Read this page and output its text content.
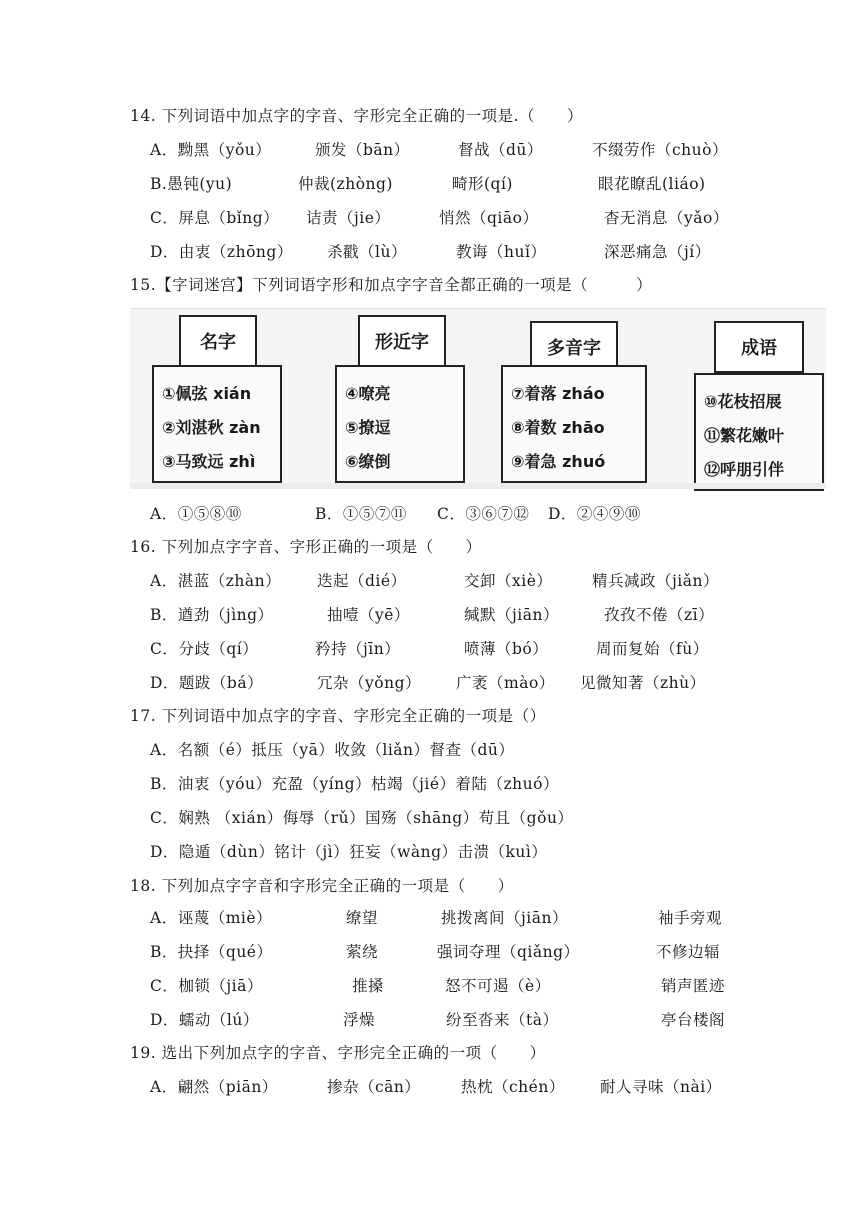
14. 下列词语中加点字的字音、字形完全正确的一项是.（　　）
A．黝黑（yǒu）	颁发（bān）	督战（dū）	不缀劳作（chuò）
B.愚钝(yu)	仲裁(zhòng)	畸形(qí)	眼花瞭乱(liáo)
C．屏息（bǐng） 诘责（jie）	悄然（qiāo）	杳无消息（yǎo）
D．由衷（zhōng） 杀戳（lù）	教诲（huǐ）	深恶痛急（jí）
15.【字词迷宫】下列词语字形和加点字字音全都正确的一项是（　　　）
名字
①佩弦 xián
②刘湛秋 zàn
③马致远 zhì
形近字
④嘹亮
⑤撩逗
⑥缭倒
多音字
⑦着落 zháo
⑧着数 zhāo
⑨着急 zhuó
成语
⑩花枝招展
⑪繁花嫩叶
⑫呼朋引伴
A．①⑤⑧⑩	B．①⑤⑦⑪ C．③⑥⑦⑫ D．②④⑨⑩
16. 下列加点字字音、字形正确的一项是（　　）
A．湛蓝（zhàn） 迭起（dié）	交卸（xiè）	精兵减政（jiǎn）
B．遒劲（jìng）	抽噎（yē）	缄默（jiān）	孜孜不倦（zī）
C．分歧（qí）	矜持（jīn）	喷薄（bó）	周而复始（fù）
D．题跋（bá）	冗杂（yǒng） 广袤（mào） 见微知著（zhù）
17. 下列词语中加点字的字音、字形完全正确的一项是（）
A．名额（é）抵压（yā）收敛（liǎn）督查（dū）
B．油衷（yóu）充盈（yíng）枯竭（jié）着陆（zhuó）
C．娴熟 （xián）侮辱（rǔ）国殇（shāng）苟且（gǒu）
D．隐遁（dùn）铭计（jì）狂妄（wàng）击溃（kuì）
18. 下列加点字字音和字形完全正确的一项是（　　）
A．诬蔑（miè）	缭望	挑拨离间（jiān）	袖手旁观
B．抉择（qué）	萦绕	强词夺理（qiǎng）	不修边辐
C．枷锁（jiā）	推搡	怒不可遏（è）	销声匿迹
D．蠕动（lú）	浮燥	纷至沓来（tà）	亭台楼阁
19. 选出下列加点字的字音、字形完全正确的一项（　　）
A．翩然（piān）	掺杂（cān）	热枕（chén） 耐人寻味（nài）
